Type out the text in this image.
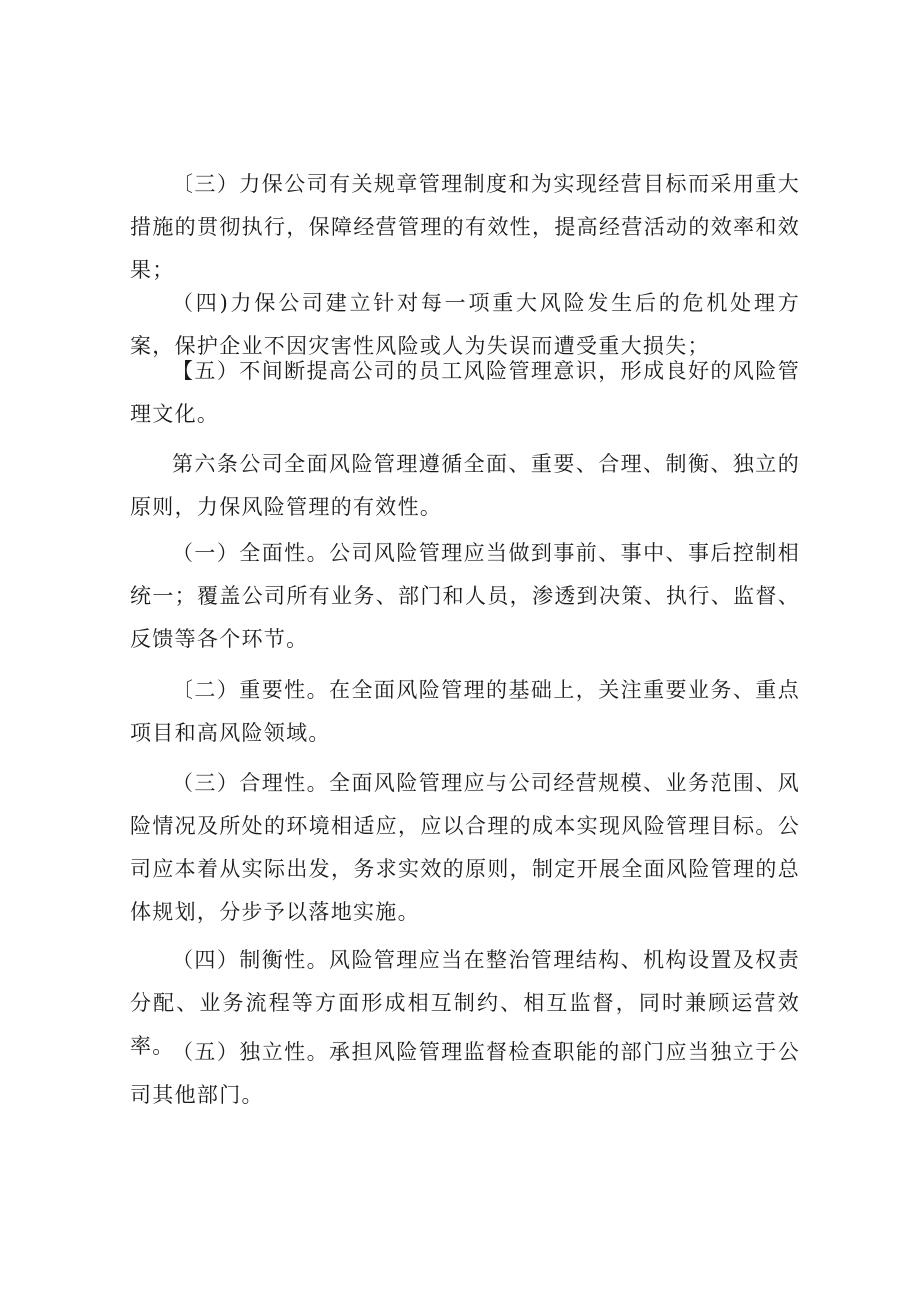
〔三）力保公司有关规章管理制度和为实现经营目标而采用重大措施的贯彻执行，保障经营管理的有效性，提高经营活动的效率和效果；

（四)力保公司建立针对每一项重大风险发生后的危机处理方案，保护企业不因灾害性风险或人为失误而遭受重大损失；

【五）不间断提高公司的员工风险管理意识，形成良好的风险管理文化。

第六条公司全面风险管理遵循全面、重要、合理、制衡、独立的原则，力保风险管理的有效性。

（一）全面性。公司风险管理应当做到事前、事中、事后控制相统一；覆盖公司所有业务、部门和人员，渗透到决策、执行、监督、反馈等各个环节。

〔二）重要性。在全面风险管理的基础上，关注重要业务、重点项目和高风险领域。

（三）合理性。全面风险管理应与公司经营规模、业务范围、风险情况及所处的环境相适应，应以合理的成本实现风险管理目标。公司应本着从实际出发，务求实效的原则，制定开展全面风险管理的总体规划，分步予以落地实施。

（四）制衡性。风险管理应当在整治管理结构、机构设置及权责分配、业务流程等方面形成相互制约、相互监督，同时兼顾运营效率。

（五）独立性。承担风险管理监督检查职能的部门应当独立于公司其他部门。
